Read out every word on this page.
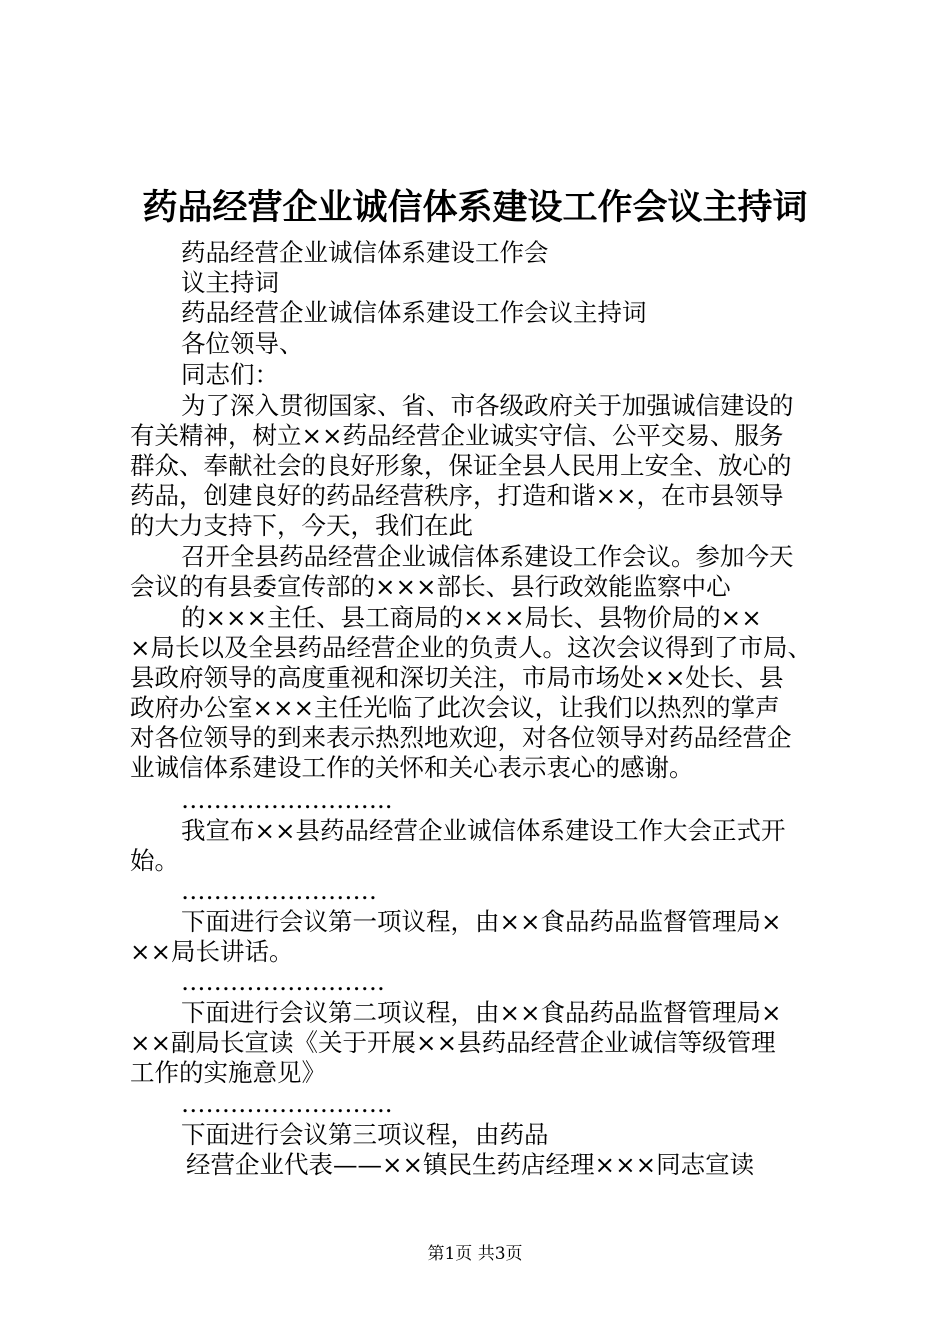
药品经营企业诚信体系建设工作会议主持词
药品经营企业诚信体系建设工作会
议主持词
药品经营企业诚信体系建设工作会议主持词
各位领导、
同志们：
为了深入贯彻国家、省、市各级政府关于加强诚信建设的
有关精神，树立××药品经营企业诚实守信、公平交易、服务
群众、奉献社会的良好形象，保证全县人民用上安全、放心的
药品，创建良好的药品经营秩序，打造和谐××，在市县领导
的大力支持下，今天，我们在此
召开全县药品经营企业诚信体系建设工作会议。参加今天
会议的有县委宣传部的×××部长、县行政效能监察中心
的×××主任、县工商局的×××局长、县物价局的××
×局长以及全县药品经营企业的负责人。这次会议得到了市局、
县政府领导的高度重视和深切关注，市局市场处××处长、县
政府办公室×××主任光临了此次会议，让我们以热烈的掌声
对各位领导的到来表示热烈地欢迎，对各位领导对药品经营企
业诚信体系建设工作的关怀和关心表示衷心的感谢。
……………………..
我宣布××县药品经营企业诚信体系建设工作大会正式开
始。
……………………
下面进行会议第一项议程，由××食品药品监督管理局×
××局长讲话。
…………………….
下面进行会议第二项议程，由××食品药品监督管理局×
××副局长宣读《关于开展××县药品经营企业诚信等级管理
工作的实施意见》
……………………..
下面进行会议第三项议程，由药品
经营企业代表——××镇民生药店经理×××同志宣读
第1页 共3页
